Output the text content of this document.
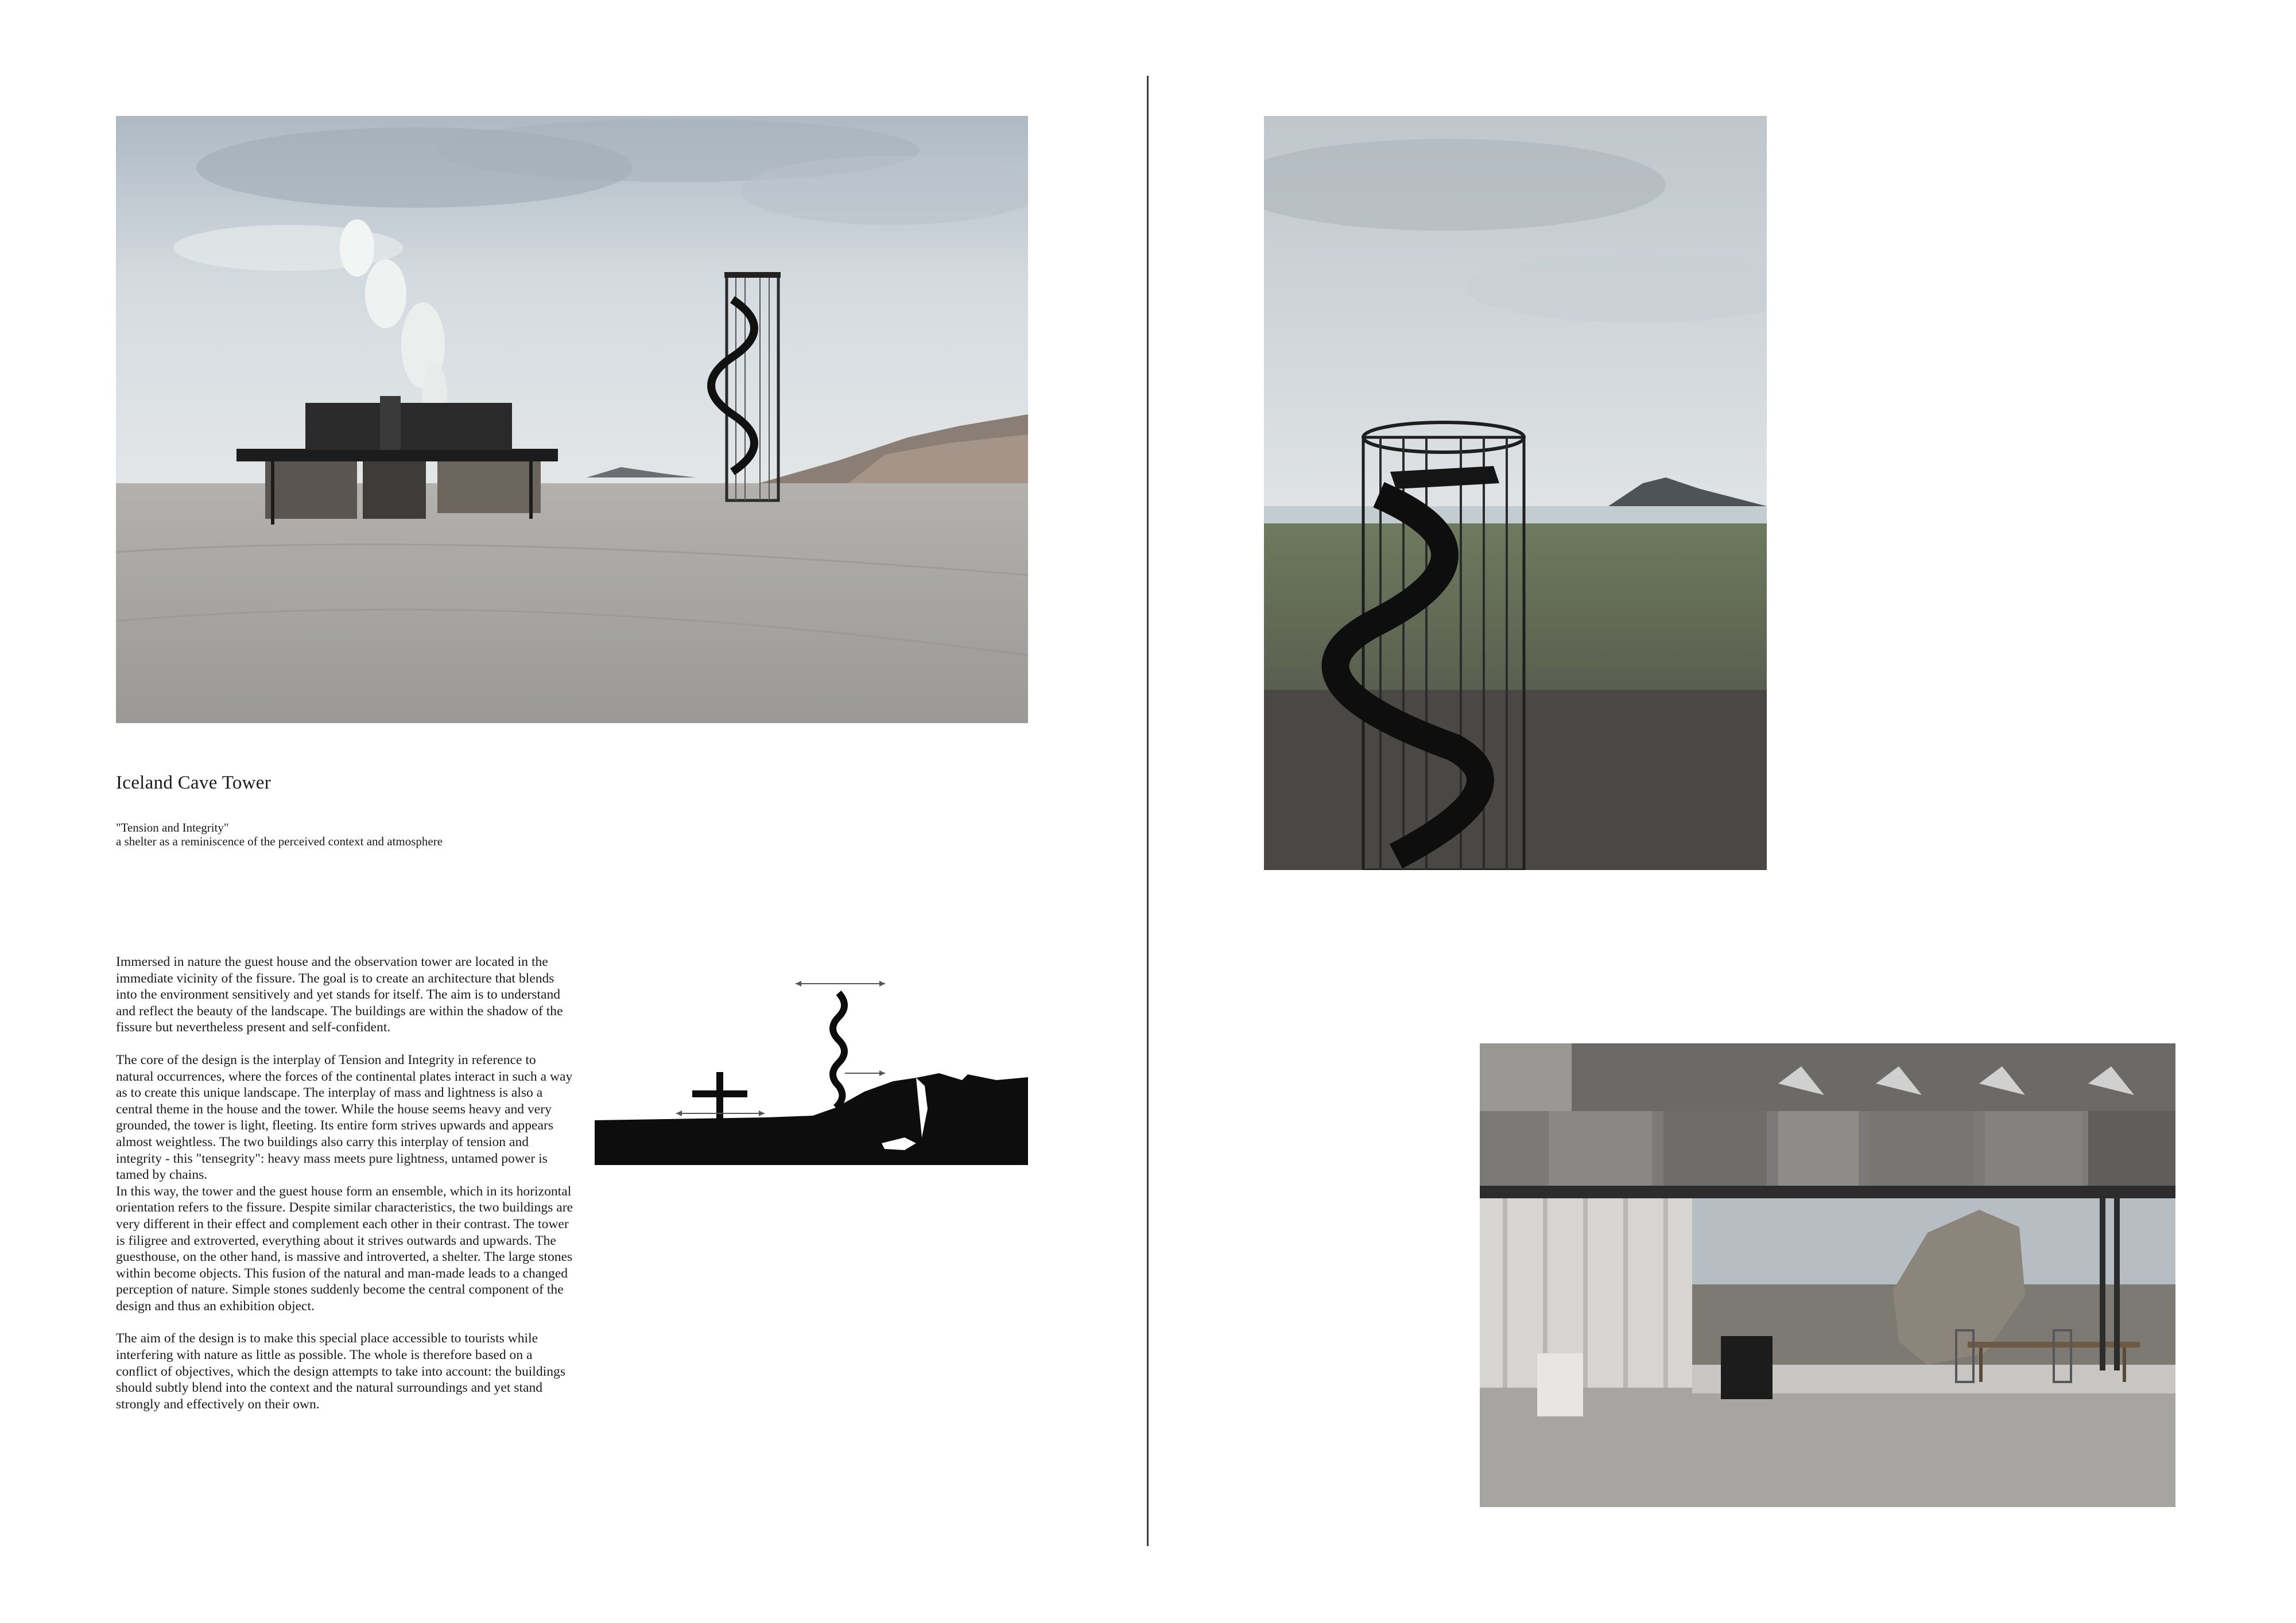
Iceland Cave Tower
"Tension and Integrity"
a shelter as a reminiscence of the perceived context and atmosphere

Immersed in nature the guest house and the observation tower are located in the immediate vicinity of the fissure. The goal is to create an architecture that blends into the environment sensitively and yet stands for itself. The aim is to understand and reflect the beauty of the landscape. The buildings are within the shadow of the fissure but nevertheless present and self-confident.

The core of the design is the interplay of Tension and Integrity in reference to natural occurrences, where the forces of the continental plates interact in such a way as to create this unique landscape. The interplay of mass and lightness is also a central theme in the house and the tower. While the house seems heavy and very grounded, the tower is light, fleeting. Its entire form strives upwards and appears almost weightless. The two buildings also carry this interplay of tension and integrity - this "tensegrity": heavy mass meets pure lightness, untamed power is tamed by chains.

In this way, the tower and the guest house form an ensemble, which in its horizontal orientation refers to the fissure. Despite similar characteristics, the two buildings are very different in their effect and complement each other in their contrast. The tower is filigree and extroverted, everything about it strives outwards and upwards. The guesthouse, on the other hand, is massive and introverted, a shelter. The large stones within become objects. This fusion of the natural and man-made leads to a changed perception of nature. Simple stones suddenly become the central component of the design and thus an exhibition object.

The aim of the design is to make this special place accessible to tourists while interfering with nature as little as possible. The whole is therefore based on a conflict of objectives, which the design attempts to take into account: the buildings should subtly blend into the context and the natural surroundings and yet stand strongly and effectively on their own.
